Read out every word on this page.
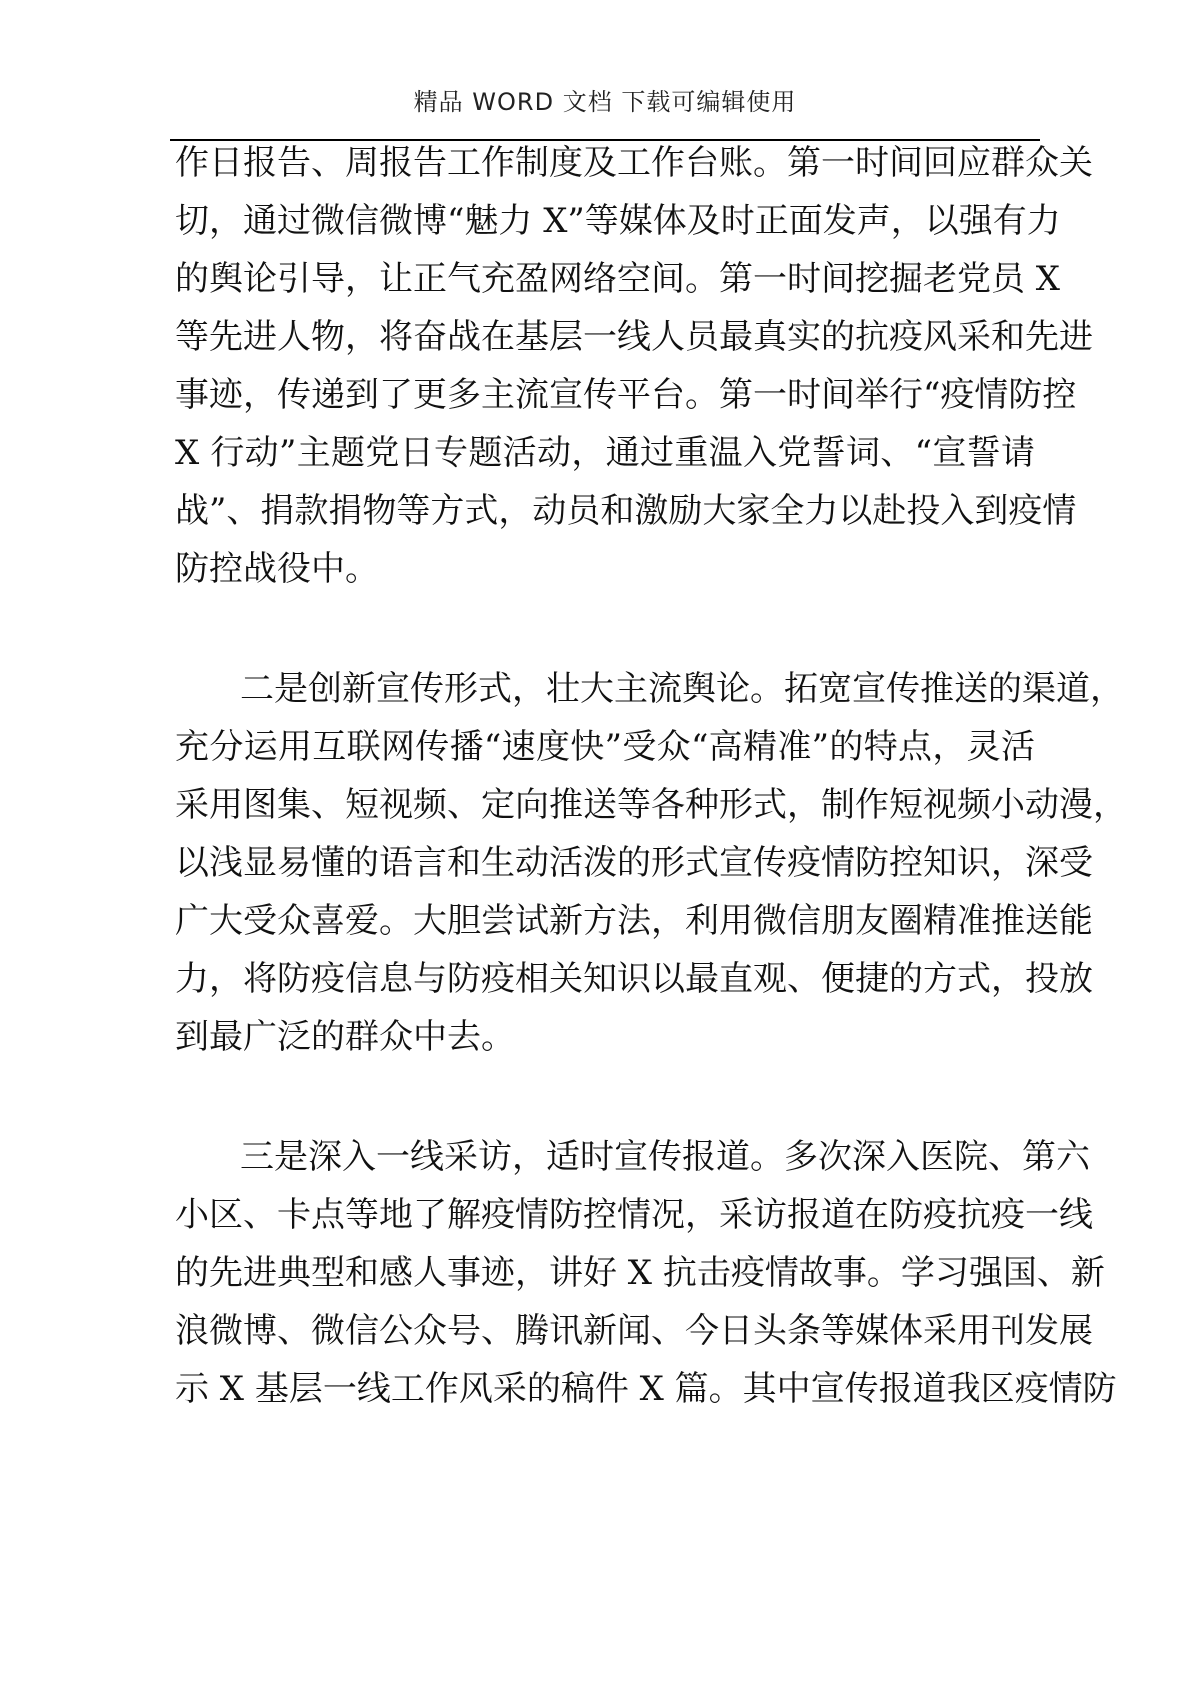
精品 WORD 文档 下载可编辑使用
作日报告、周报告工作制度及工作台账。第一时间回应群众关
切，通过微信微博“魅力 X”等媒体及时正面发声，以强有力
的舆论引导，让正气充盈网络空间。第一时间挖掘老党员 X
等先进人物，将奋战在基层一线人员最真实的抗疫风采和先进
事迹，传递到了更多主流宣传平台。第一时间举行“疫情防控
X 行动”主题党日专题活动，通过重温入党誓词、“宣誓请
战”、捐款捐物等方式，动员和激励大家全力以赴投入到疫情
防控战役中。
二是创新宣传形式，壮大主流舆论。拓宽宣传推送的渠道，
充分运用互联网传播“速度快”受众“高精准”的特点，灵活
采用图集、短视频、定向推送等各种形式，制作短视频小动漫，
以浅显易懂的语言和生动活泼的形式宣传疫情防控知识，深受
广大受众喜爱。大胆尝试新方法，利用微信朋友圈精准推送能
力，将防疫信息与防疫相关知识以最直观、便捷的方式，投放
到最广泛的群众中去。
三是深入一线采访，适时宣传报道。多次深入医院、第六
小区、卡点等地了解疫情防控情况，采访报道在防疫抗疫一线
的先进典型和感人事迹，讲好 X 抗击疫情故事。学习强国、新
浪微博、微信公众号、腾讯新闻、今日头条等媒体采用刊发展
示 X 基层一线工作风采的稿件 X 篇。其中宣传报道我区疫情防
